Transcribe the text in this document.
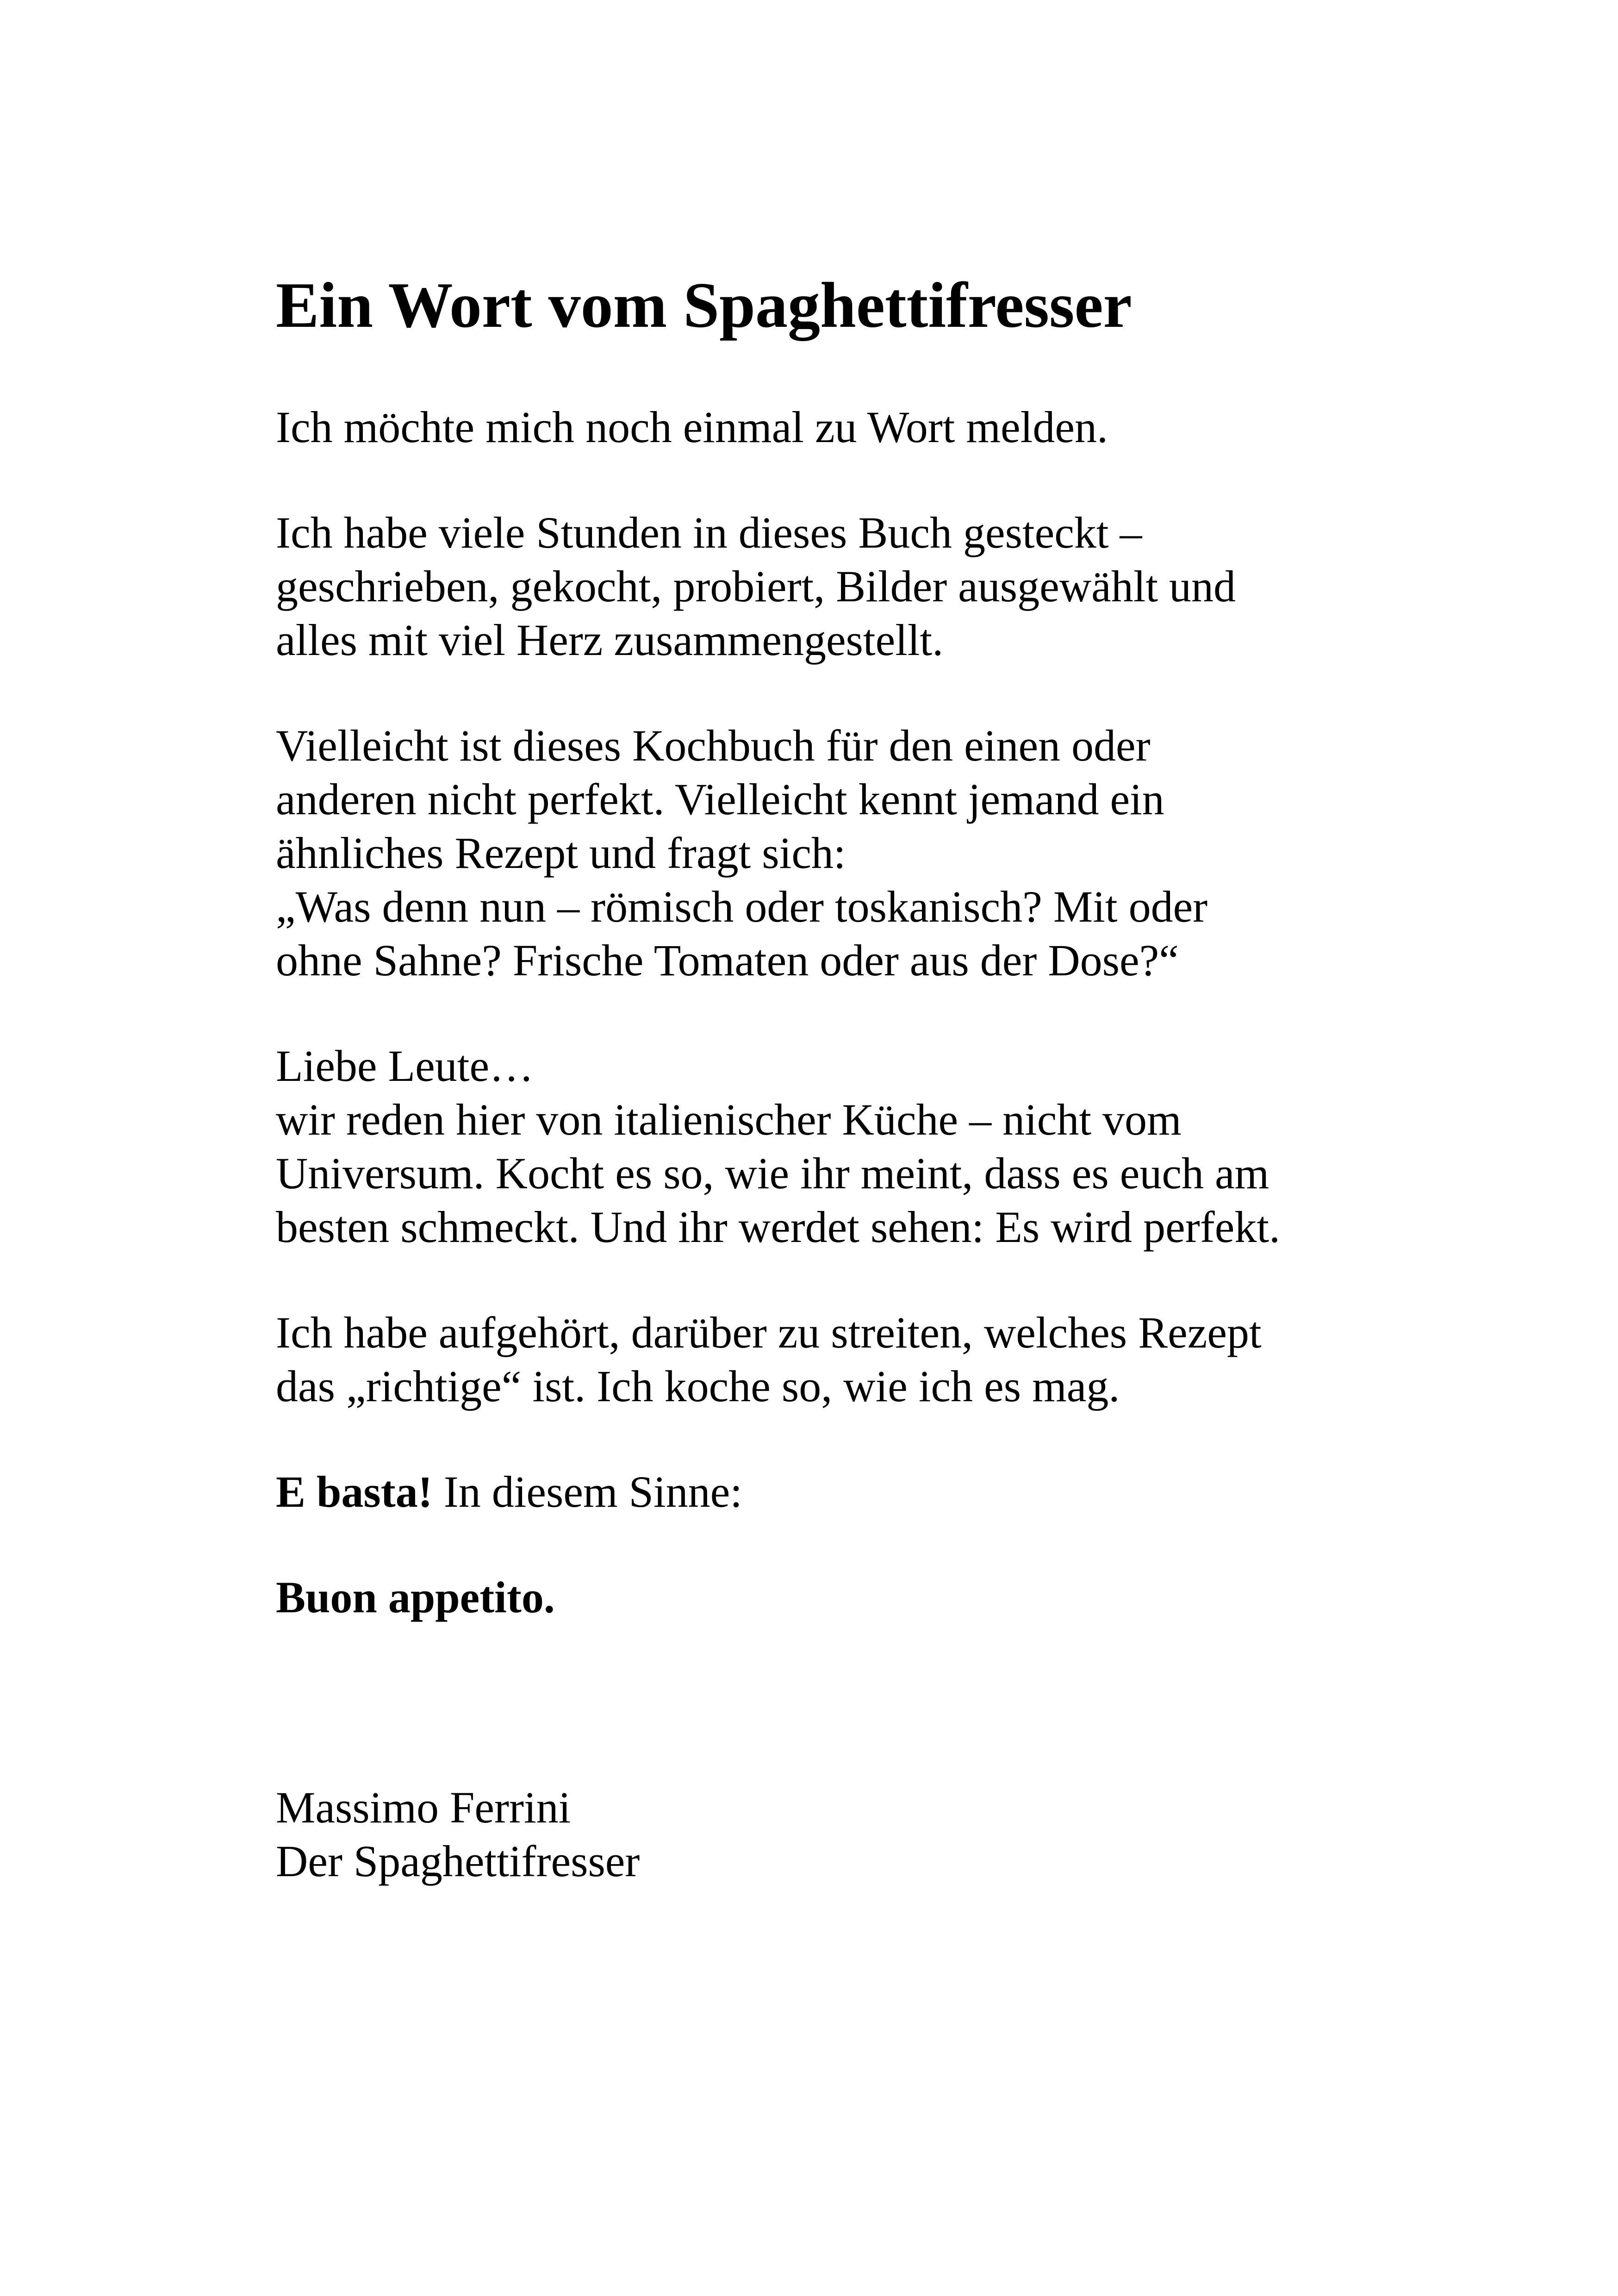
Ein Wort vom Spaghettifresser

Ich möchte mich noch einmal zu Wort melden.

Ich habe viele Stunden in dieses Buch gesteckt –
geschrieben, gekocht, probiert, Bilder ausgewählt und
alles mit viel Herz zusammengestellt.

Vielleicht ist dieses Kochbuch für den einen oder
anderen nicht perfekt. Vielleicht kennt jemand ein
ähnliches Rezept und fragt sich:
„Was denn nun – römisch oder toskanisch? Mit oder
ohne Sahne? Frische Tomaten oder aus der Dose?“

Liebe Leute…
wir reden hier von italienischer Küche – nicht vom
Universum. Kocht es so, wie ihr meint, dass es euch am
besten schmeckt. Und ihr werdet sehen: Es wird perfekt.

Ich habe aufgehört, darüber zu streiten, welches Rezept
das „richtige“ ist. Ich koche so, wie ich es mag.

E basta! In diesem Sinne:

Buon appetito.

Massimo Ferrini
Der Spaghettifresser
